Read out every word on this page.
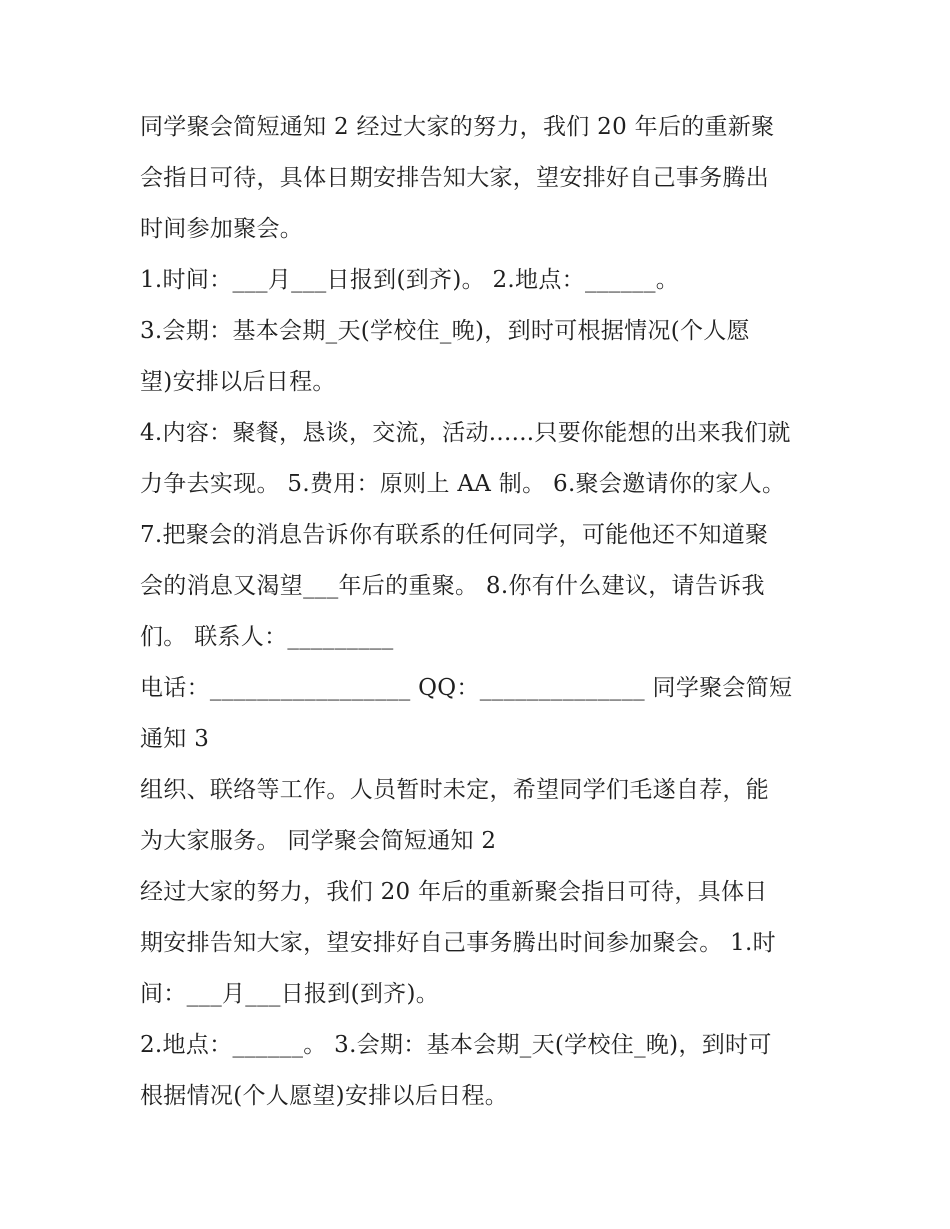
同学聚会简短通知 2 经过大家的努力，我们 20 年后的重新聚
会指日可待，具体日期安排告知大家，望安排好自己事务腾出
时间参加聚会。
1.时间：___月___日报到(到齐)。 2.地点：______。
3.会期：基本会期_天(学校住_晚)，到时可根据情况(个人愿
望)安排以后日程。
4.内容：聚餐，恳谈，交流，活动......只要你能想的出来我们就
力争去实现。 5.费用：原则上 AA 制。 6.聚会邀请你的家人。
7.把聚会的消息告诉你有联系的任何同学，可能他还不知道聚
会的消息又渴望___年后的重聚。 8.你有什么建议，请告诉我
们。 联系人：_________
电话：_________________ QQ：______________ 同学聚会简短
通知 3
组织、联络等工作。人员暂时未定，希望同学们毛遂自荐，能
为大家服务。 同学聚会简短通知 2
经过大家的努力，我们 20 年后的重新聚会指日可待，具体日
期安排告知大家，望安排好自己事务腾出时间参加聚会。 1.时
间：___月___日报到(到齐)。
2.地点：______。 3.会期：基本会期_天(学校住_晚)，到时可
根据情况(个人愿望)安排以后日程。
